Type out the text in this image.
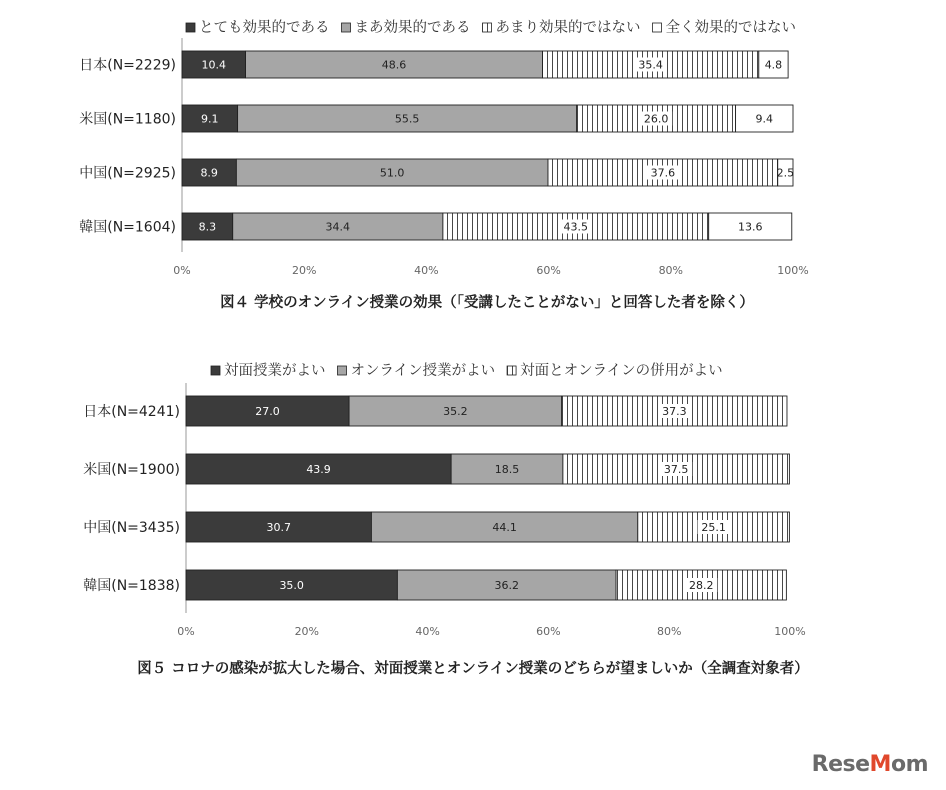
とても効果的である まあ効果的である あまり効果的ではない 全く効果的ではない
日本(N=2229) 10.4	48.6	35.4	4.8
米国(N=1180) 9.1	55.5	26.0	9.4
中国(N=2925) 8.9	51.0	37.6	2.5
韓国(N=1604) 8.3	34.4	43.5	13.6
0%	20%	40%	60%	80%	100%
図４ 学校のオンライン授業の効果（「受講したことがない」と回答した者を除く）
対面授業がよい オンライン授業がよい 対面とオンラインの併用がよい
日本(N=4241)	27.0	35.2	37.3
米国(N=1900)	43.9	18.5	37.5
中国(N=3435)	30.7	44.1	25.1
韓国(N=1838)	35.0	36.2	28.2
0%	20%	40%	60%	80%	100%
図５ コロナの感染が拡大した場合、対面授業とオンライン授業のどちらが望ましいか（全調査対象者）
ReseMom
